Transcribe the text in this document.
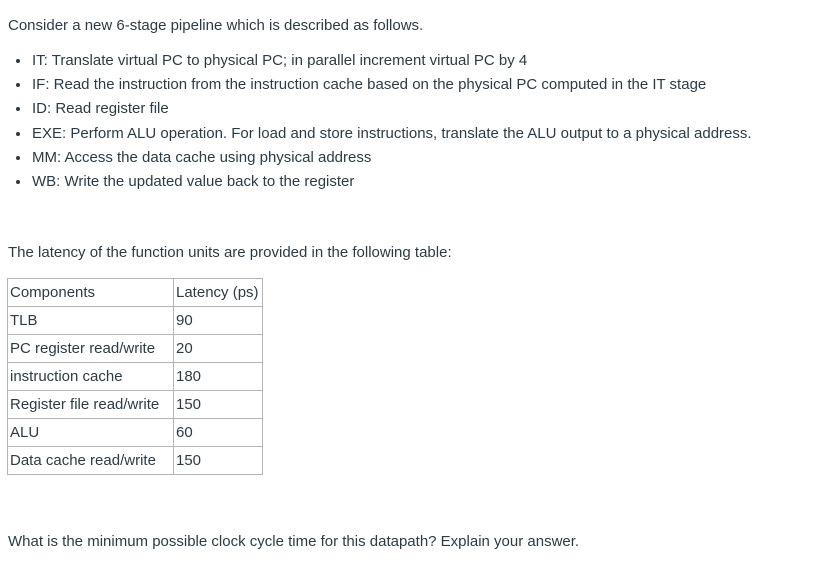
Consider a new 6-stage pipeline which is described as follows.

IT: Translate virtual PC to physical PC; in parallel increment virtual PC by 4
IF: Read the instruction from the instruction cache based on the physical PC computed in the IT stage
ID: Read register file
EXE: Perform ALU operation. For load and store instructions, translate the ALU output to a physical address.
MM: Access the data cache using physical address
WB: Write the updated value back to the register

The latency of the function units are provided in the following table:

Components	Latency (ps)
TLB	90
PC register read/write	20
instruction cache	180
Register file read/write	150
ALU	60
Data cache read/write	150

What is the minimum possible clock cycle time for this datapath? Explain your answer.
